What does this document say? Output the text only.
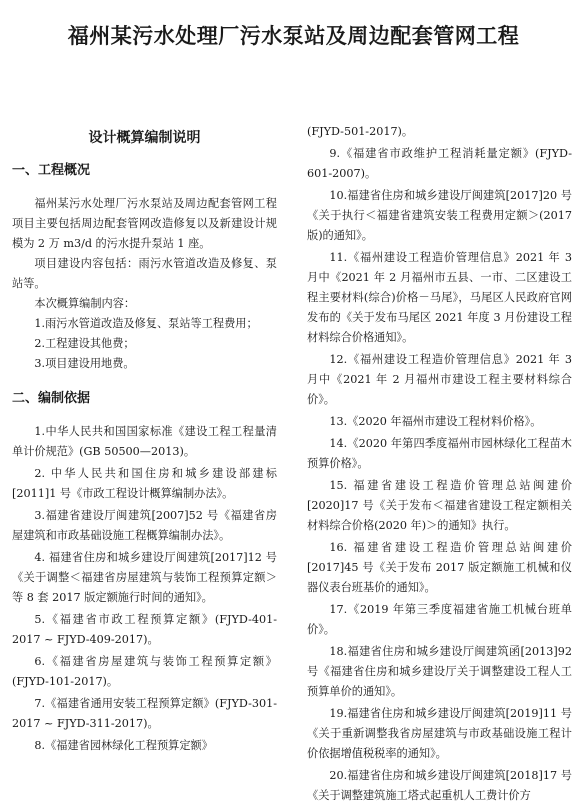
福州某污水处理厂污水泵站及周边配套管网工程
设计概算编制说明
一、工程概况

福州某污水处理厂污水泵站及周边配套管网工程项目主要包括周边配套管网改造修复以及新建设计规模为 2 万 m3/d 的污水提升泵站 1 座。

项目建设内容包括：雨污水管道改造及修复、泵站等。

本次概算编制内容：

1.雨污水管道改造及修复、泵站等工程费用；

2.工程建设其他费；

3.项目建设用地费。

二、编制依据

1.中华人民共和国国家标准《建设工程工程量清单计价规范》(GB 50500—2013)。

2. 中华人民共和国住房和城乡建设部建标[2011]1 号《市政工程设计概算编制办法》。

3.福建省建设厅闽建筑[2007]52 号《福建省房屋建筑和市政基础设施工程概算编制办法》。

4. 福建省住房和城乡建设厅闽建筑[2017]12 号《关于调整＜福建省房屋建筑与装饰工程预算定额＞等 8 套 2017 版定额施行时间的通知》。

5.《福建省市政工程预算定额》(FJYD-401-2017 ~ FJYD-409-2017)。

6.《福建省房屋建筑与装饰工程预算定额》(FJYD-101-2017)。

7.《福建省通用安装工程预算定额》(FJYD-301-2017 ~ FJYD-311-2017)。

8.《福建省园林绿化工程预算定额》

(FJYD-501-2017)。

9.《福建省市政维护工程消耗量定额》(FJYD-601-2007)。

10.福建省住房和城乡建设厅闽建筑[2017]20 号《关于执行＜福建省建筑安装工程费用定额＞(2017 版)的通知》。

11.《福州建设工程造价管理信息》2021 年 3 月中《2021 年 2 月福州市五县、一市、二区建设工程主要材料(综合)价格－马尾》，马尾区人民政府官网发布的《关于发布马尾区 2021 年度 3 月份建设工程材料综合价格通知》。

12.《福州建设工程造价管理信息》2021 年 3 月中《2021 年 2 月福州市建设工程主要材料综合价》。

13.《2020 年福州市建设工程材料价格》。

14.《2020 年第四季度福州市园林绿化工程苗木预算价格》。

15. 福建省建设工程造价管理总站闽建价[2020]17 号《关于发布＜福建省建设工程定额相关材料综合价格(2020 年)＞的通知》执行。

16. 福建省建设工程造价管理总站闽建价[2017]45 号《关于发布 2017 版定额施工机械和仪器仪表台班基价的通知》。

17.《2019 年第三季度福建省施工机械台班单价》。

18.福建省住房和城乡建设厅闽建筑函[2013]92 号《福建省住房和城乡建设厅关于调整建设工程人工预算单价的通知》。

19.福建省住房和城乡建设厅闽建筑[2019]11 号《关于重新调整我省房屋建筑与市政基础设施工程计价依据增值税税率的通知》。

20.福建省住房和城乡建设厅闽建筑[2018]17 号《关于调整建筑施工塔式起重机人工费计价方
